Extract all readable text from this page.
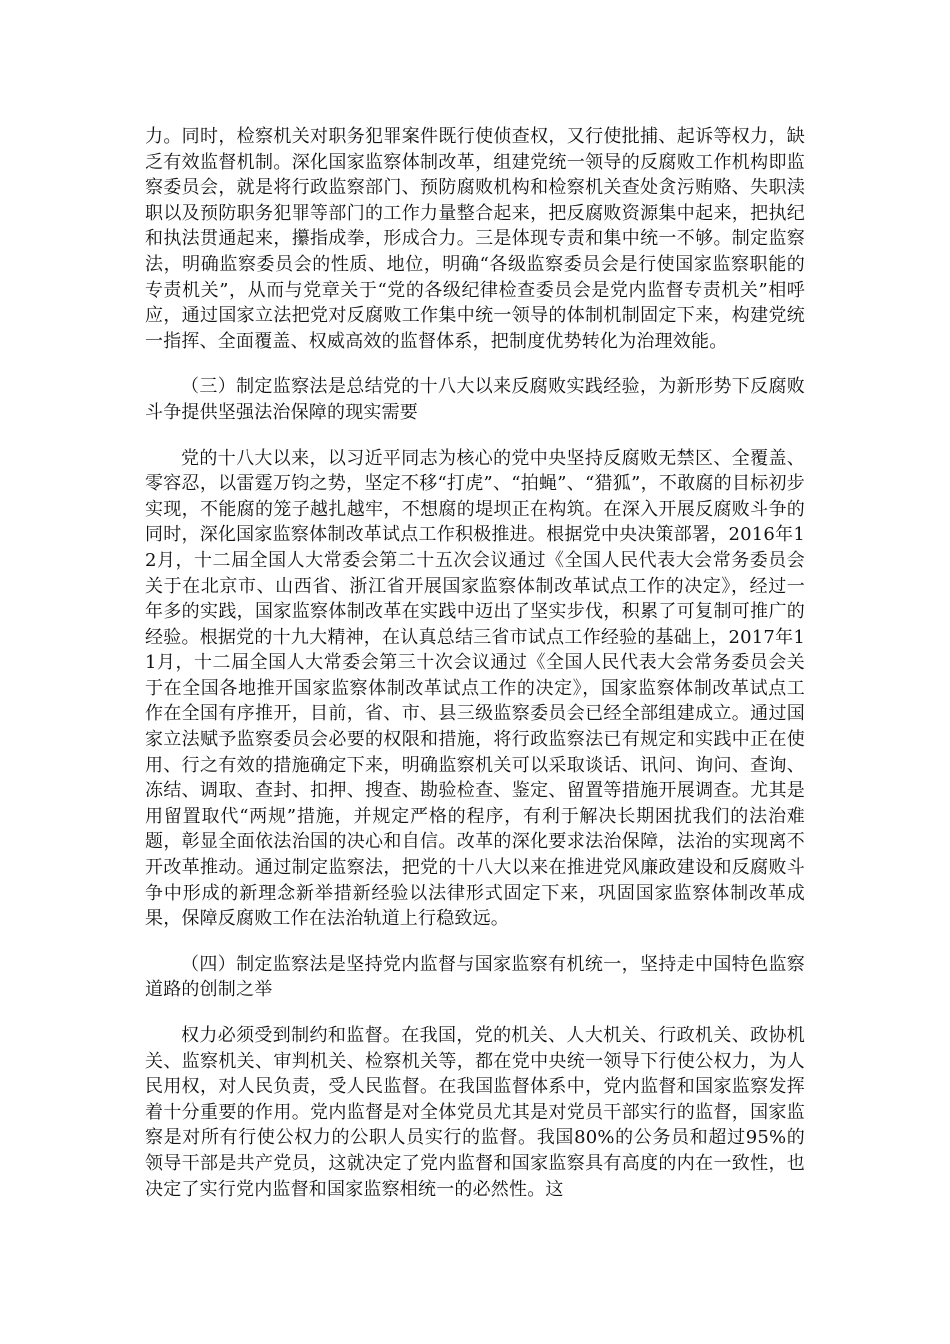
力。同时，检察机关对职务犯罪案件既行使侦查权，又行使批捕、起诉等权力，缺乏有效监督机制。深化国家监察体制改革，组建党统一领导的反腐败工作机构即监察委员会，就是将行政监察部门、预防腐败机构和检察机关查处贪污贿赂、失职渎职以及预防职务犯罪等部门的工作力量整合起来，把反腐败资源集中起来，把执纪和执法贯通起来，攥指成拳，形成合力。三是体现专责和集中统一不够。制定监察法，明确监察委员会的性质、地位，明确“各级监察委员会是行使国家监察职能的专责机关”，从而与党章关于“党的各级纪律检查委员会是党内监督专责机关”相呼应，通过国家立法把党对反腐败工作集中统一领导的体制机制固定下来，构建党统一指挥、全面覆盖、权威高效的监督体系，把制度优势转化为治理效能。

（三）制定监察法是总结党的十八大以来反腐败实践经验，为新形势下反腐败斗争提供坚强法治保障的现实需要

党的十八大以来，以习近平同志为核心的党中央坚持反腐败无禁区、全覆盖、零容忍，以雷霆万钧之势，坚定不移“打虎”、“拍蝇”、“猎狐”，不敢腐的目标初步实现，不能腐的笼子越扎越牢，不想腐的堤坝正在构筑。在深入开展反腐败斗争的同时，深化国家监察体制改革试点工作积极推进。根据党中央决策部署，2016年12月，十二届全国人大常委会第二十五次会议通过《全国人民代表大会常务委员会关于在北京市、山西省、浙江省开展国家监察体制改革试点工作的决定》，经过一年多的实践，国家监察体制改革在实践中迈出了坚实步伐，积累了可复制可推广的经验。根据党的十九大精神，在认真总结三省市试点工作经验的基础上，2017年11月，十二届全国人大常委会第三十次会议通过《全国人民代表大会常务委员会关于在全国各地推开国家监察体制改革试点工作的决定》，国家监察体制改革试点工作在全国有序推开，目前，省、市、县三级监察委员会已经全部组建成立。通过国家立法赋予监察委员会必要的权限和措施，将行政监察法已有规定和实践中正在使用、行之有效的措施确定下来，明确监察机关可以采取谈话、讯问、询问、查询、冻结、调取、查封、扣押、搜查、勘验检查、鉴定、留置等措施开展调查。尤其是用留置取代“两规”措施，并规定严格的程序，有利于解决长期困扰我们的法治难题，彰显全面依法治国的决心和自信。改革的深化要求法治保障，法治的实现离不开改革推动。通过制定监察法，把党的十八大以来在推进党风廉政建设和反腐败斗争中形成的新理念新举措新经验以法律形式固定下来，巩固国家监察体制改革成果，保障反腐败工作在法治轨道上行稳致远。

（四）制定监察法是坚持党内监督与国家监察有机统一，坚持走中国特色监察道路的创制之举

权力必须受到制约和监督。在我国，党的机关、人大机关、行政机关、政协机关、监察机关、审判机关、检察机关等，都在党中央统一领导下行使公权力，为人民用权，对人民负责，受人民监督。在我国监督体系中，党内监督和国家监察发挥着十分重要的作用。党内监督是对全体党员尤其是对党员干部实行的监督，国家监察是对所有行使公权力的公职人员实行的监督。我国80%的公务员和超过95%的领导干部是共产党员，这就决定了党内监督和国家监察具有高度的内在一致性，也决定了实行党内监督和国家监察相统一的必然性。这
